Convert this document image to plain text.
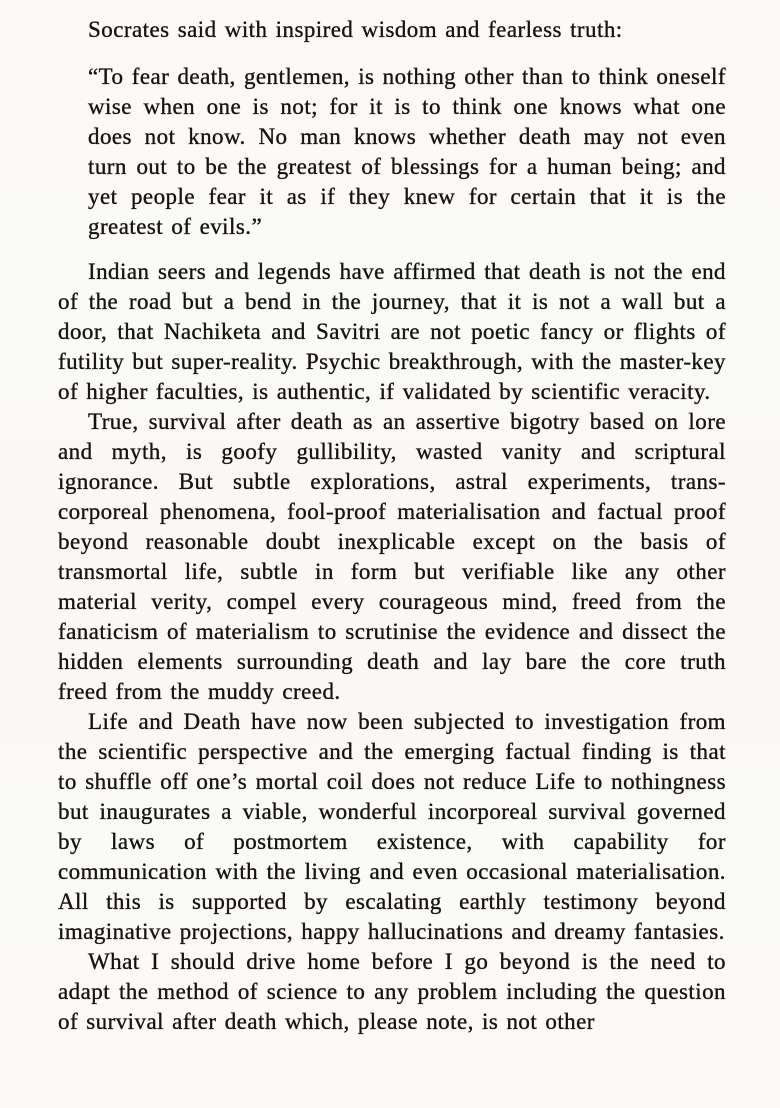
Socrates said with inspired wisdom and fearless truth:

“To fear death, gentlemen, is nothing other than to think oneself wise when one is not; for it is to think one knows what one does not know. No man knows whether death may not even turn out to be the greatest of blessings for a human being; and yet people fear it as if they knew for certain that it is the greatest of evils.”

Indian seers and legends have affirmed that death is not the end of the road but a bend in the journey, that it is not a wall but a door, that Nachiketa and Savitri are not poetic fancy or flights of futility but super-reality. Psychic breakthrough, with the master-key of higher faculties, is authentic, if validated by scientific veracity.

True, survival after death as an assertive bigotry based on lore and myth, is goofy gullibility, wasted vanity and scriptural ignorance. But subtle explorations, astral experiments, trans-corporeal phenomena, fool-proof materialisation and factual proof beyond reasonable doubt inexplicable except on the basis of transmortal life, subtle in form but verifiable like any other material verity, compel every courageous mind, freed from the fanaticism of materialism to scrutinise the evidence and dissect the hidden elements surrounding death and lay bare the core truth freed from the muddy creed.

Life and Death have now been subjected to investigation from the scientific perspective and the emerging factual finding is that to shuffle off one’s mortal coil does not reduce Life to nothingness but inaugurates a viable, wonderful incorporeal survival governed by laws of postmortem existence, with capability for communication with the living and even occasional materialisation. All this is supported by escalating earthly testimony beyond imaginative projections, happy hallucinations and dreamy fantasies.

What I should drive home before I go beyond is the need to adapt the method of science to any problem including the question of survival after death which, please note, is not other
